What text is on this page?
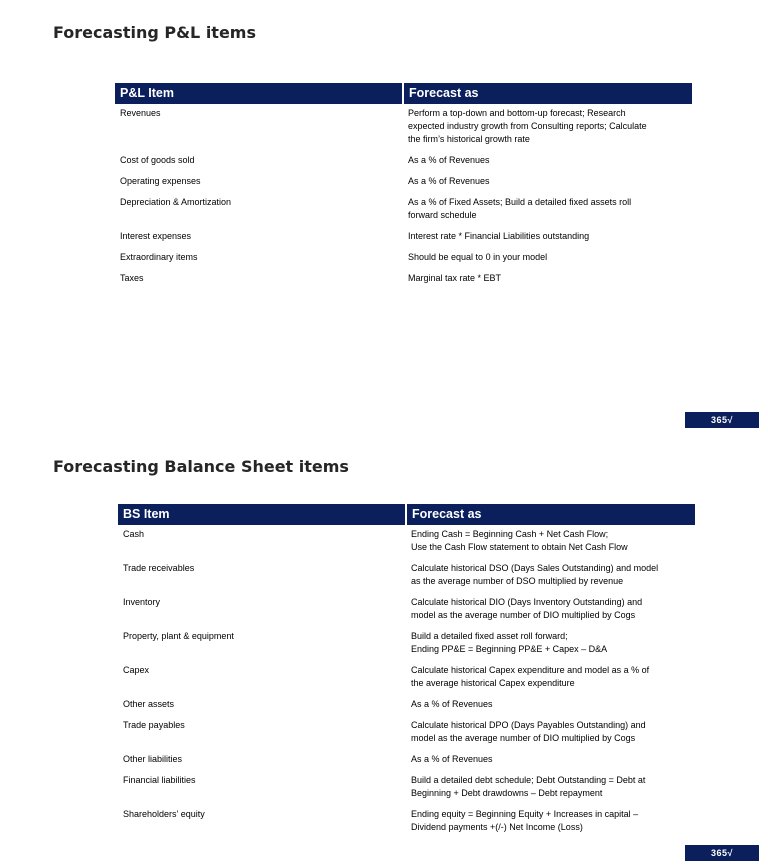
Forecasting P&L items
P&L Item	Forecast as
Revenues	Perform a top-down and bottom-up forecast; Research
expected industry growth from Consulting reports; Calculate
the firm’s historical growth rate
Cost of goods sold	As a % of Revenues
Operating expenses	As a % of Revenues
Depreciation & Amortization	As a % of Fixed Assets; Build a detailed fixed assets roll
forward schedule
Interest expenses	Interest rate * Financial Liabilities outstanding
Extraordinary items	Should be equal to 0 in your model
Taxes	Marginal tax rate * EBT
365√
Forecasting Balance Sheet items
BS Item	Forecast as
Cash	Ending Cash = Beginning Cash + Net Cash Flow;
Use the Cash Flow statement to obtain Net Cash Flow
Trade receivables	Calculate historical DSO (Days Sales Outstanding) and model
as the average number of DSO multiplied by revenue
Inventory	Calculate historical DIO (Days Inventory Outstanding) and
model as the average number of DIO multiplied by Cogs
Property, plant & equipment	Build a detailed fixed asset roll forward;
Ending PP&E = Beginning PP&E + Capex – D&A
Capex	Calculate historical Capex expenditure and model as a % of
the average historical Capex expenditure
Other assets	As a % of Revenues
Trade payables	Calculate historical DPO (Days Payables Outstanding) and
model as the average number of DIO multiplied by Cogs
Other liabilities	As a % of Revenues
Financial liabilities	Build a detailed debt schedule; Debt Outstanding = Debt at
Beginning + Debt drawdowns – Debt repayment
Shareholders’ equity	Ending equity = Beginning Equity + Increases in capital –
Dividend payments +(/-) Net Income (Loss)
365√
